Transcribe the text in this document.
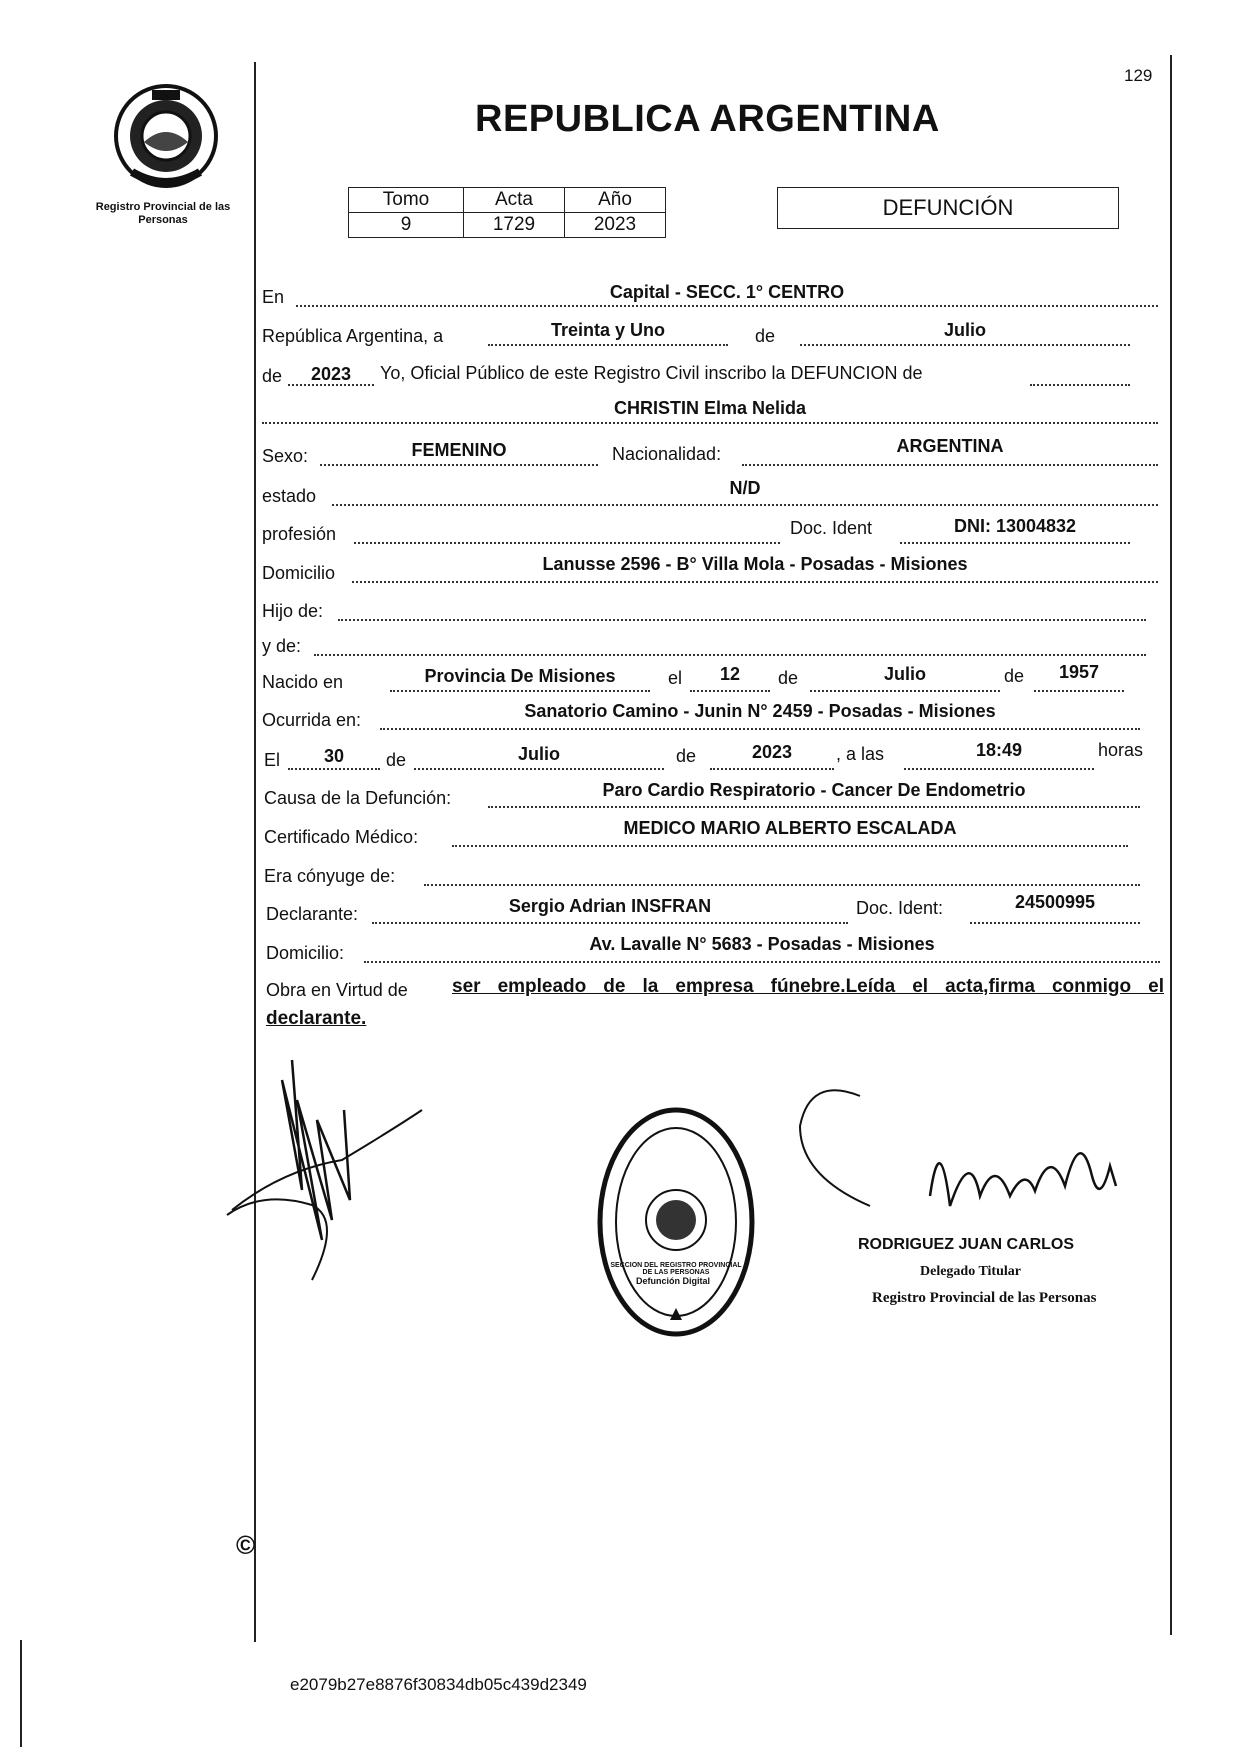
129
Registro Provincial de las Personas
REPUBLICA ARGENTINA
Tomo	Acta	Año
9	1729	2023
DEFUNCIÓN
En	Capital - SECC. 1° CENTRO
República Argentina, a	Treinta y Uno	de	Julio
de	2023	Yo, Oficial Público de este Registro Civil inscribo la DEFUNCION de
CHRISTIN Elma Nelida
Sexo:	FEMENINO	Nacionalidad:	ARGENTINA
estado	N/D
profesión	Doc. Ident	DNI: 13004832
Domicilio	Lanusse 2596 - B° Villa Mola - Posadas - Misiones
Hijo de:
y de:
Nacido en	Provincia De Misiones	el	12	de	Julio	de	1957
Ocurrida en:	Sanatorio Camino - Junin N° 2459 - Posadas - Misiones
El	30	de	Julio	de	2023	, a las	18:49	horas
Causa de la Defunción:	Paro Cardio Respiratorio - Cancer De Endometrio
Certificado Médico:	MEDICO MARIO ALBERTO ESCALADA
Era cónyuge de:
Declarante:	Sergio Adrian INSFRAN	Doc. Ident:	24500995
Domicilio:	Av. Lavalle N° 5683 - Posadas - Misiones
Obra en Virtud de ser empleado de la empresa fúnebre.Leída el acta,firma conmigo el
declarante.
SECCION DEL REGISTRO PROVINCIAL DE LAS PERSONAS
Defunción Digital
RODRIGUEZ JUAN CARLOS
Delegado Titular
Registro Provincial de las Personas
©
e2079b27e8876f30834db05c439d2349
